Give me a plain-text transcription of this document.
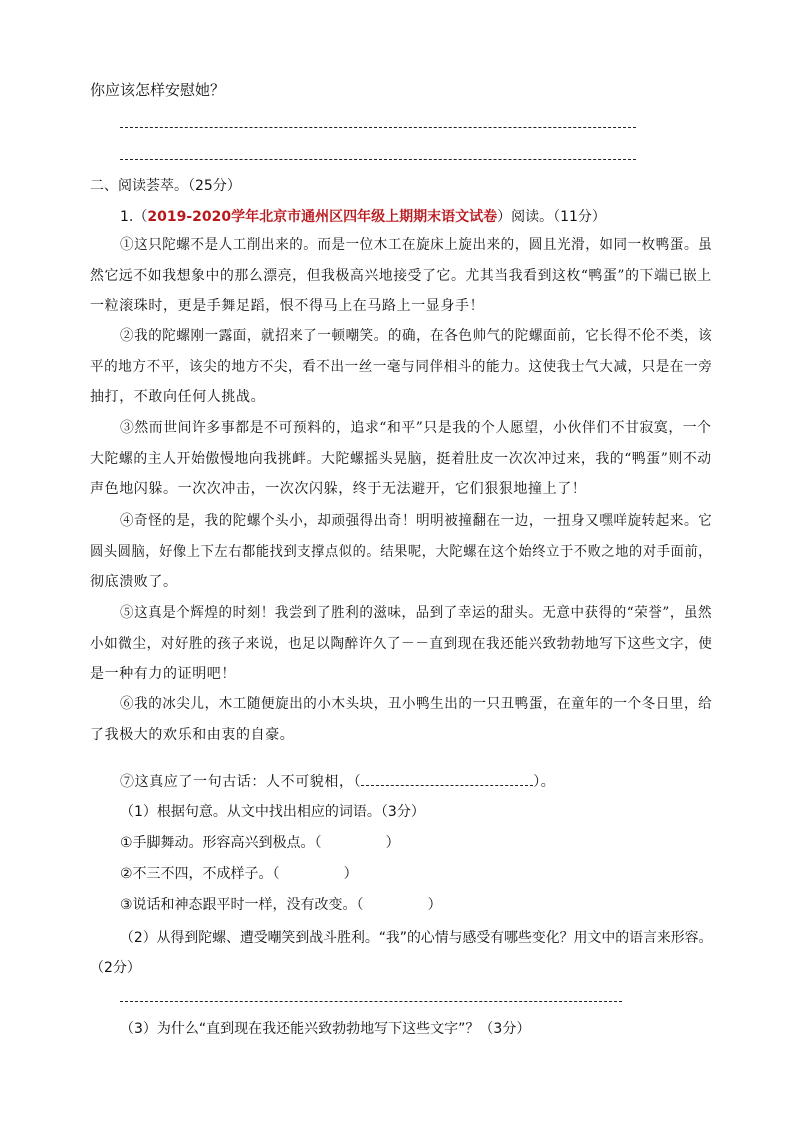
你应该怎样安慰她？
二、阅读荟萃。（25分）
1.（2019-2020学年北京市通州区四年级上期期末语文试卷）阅读。（11分）
①这只陀螺不是人工削出来的。而是一位木工在旋床上旋出来的，圆且光滑，如同一枚鸭蛋。虽
然它远不如我想象中的那么漂亮，但我极高兴地接受了它。尤其当我看到这枚“鸭蛋”的下端已嵌上
一粒滚珠时，更是手舞足蹈，恨不得马上在马路上一显身手！
②我的陀螺刚一露面，就招来了一顿嘲笑。的确，在各色帅气的陀螺面前，它长得不伦不类，该
平的地方不平，该尖的地方不尖，看不出一丝一毫与同伴相斗的能力。这使我士气大减，只是在一旁
抽打，不敢向任何人挑战。
③然而世间许多事都是不可预料的，追求“和平”只是我的个人愿望，小伙伴们不甘寂寞，一个
大陀螺的主人开始傲慢地向我挑衅。大陀螺摇头晃脑，挺着肚皮一次次冲过来，我的“鸭蛋”则不动
声色地闪躲。一次次冲击，一次次闪躲，终于无法避开，它们狠狠地撞上了！
④奇怪的是，我的陀螺个头小，却顽强得出奇！明明被撞翻在一边，一扭身又嘿咩旋转起来。它
圆头圆脑，好像上下左右都能找到支撑点似的。结果呢，大陀螺在这个始终立于不败之地的对手面前，
彻底溃败了。
⑤这真是个辉煌的时刻！我尝到了胜利的滋味，品到了幸运的甜头。无意中获得的“荣誉”，虽然
小如微尘，对好胜的孩子来说，也足以陶醉许久了－－直到现在我还能兴致勃勃地写下这些文字，使
是一种有力的证明吧！
⑥我的冰尖儿，木工随便旋出的小木头块，丑小鸭生出的一只丑鸭蛋，在童年的一个冬日里，给
了我极大的欢乐和由衷的自豪。
⑦这真应了一句古话：人不可貌相，（	）。
（1）根据句意。从文中找出相应的词语。（3分）
①手脚舞动。形容高兴到极点。（	）
②不三不四，不成样子。（	）
③说话和神态跟平时一样，没有改变。（	）
（2）从得到陀螺、遭受嘲笑到战斗胜利。“我”的心情与感受有哪些变化？用文中的语言来形容。
（2分）
（3）为什么“直到现在我还能兴致勃勃地写下这些文字”？（3分）
